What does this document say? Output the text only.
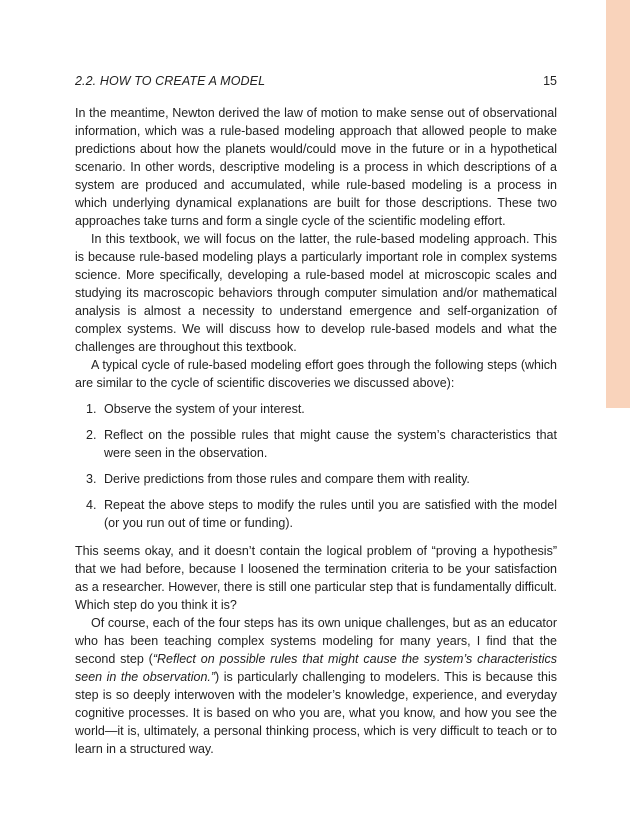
2.2. HOW TO CREATE A MODEL	15

In the meantime, Newton derived the law of motion to make sense out of observational information, which was a rule-based modeling approach that allowed people to make predictions about how the planets would/could move in the future or in a hypothetical scenario. In other words, descriptive modeling is a process in which descriptions of a system are produced and accumulated, while rule-based modeling is a process in which underlying dynamical explanations are built for those descriptions. These two approaches take turns and form a single cycle of the scientific modeling effort.

In this textbook, we will focus on the latter, the rule-based modeling approach. This is because rule-based modeling plays a particularly important role in complex systems science. More specifically, developing a rule-based model at microscopic scales and studying its macroscopic behaviors through computer simulation and/or mathematical analysis is almost a necessity to understand emergence and self-organization of complex systems. We will discuss how to develop rule-based models and what the challenges are throughout this textbook.

A typical cycle of rule-based modeling effort goes through the following steps (which are similar to the cycle of scientific discoveries we discussed above):

1. Observe the system of your interest.
2. Reflect on the possible rules that might cause the system’s characteristics that were seen in the observation.
3. Derive predictions from those rules and compare them with reality.
4. Repeat the above steps to modify the rules until you are satisfied with the model (or you run out of time or funding).

This seems okay, and it doesn’t contain the logical problem of “proving a hypothesis” that we had before, because I loosened the termination criteria to be your satisfaction as a researcher. However, there is still one particular step that is fundamentally difficult. Which step do you think it is?

Of course, each of the four steps has its own unique challenges, but as an educator who has been teaching complex systems modeling for many years, I find that the second step (“Reflect on possible rules that might cause the system’s characteristics seen in the observation.”) is particularly challenging to modelers. This is because this step is so deeply interwoven with the modeler’s knowledge, experience, and everyday cognitive processes. It is based on who you are, what you know, and how you see the world—it is, ultimately, a personal thinking process, which is very difficult to teach or to learn in a structured way.
